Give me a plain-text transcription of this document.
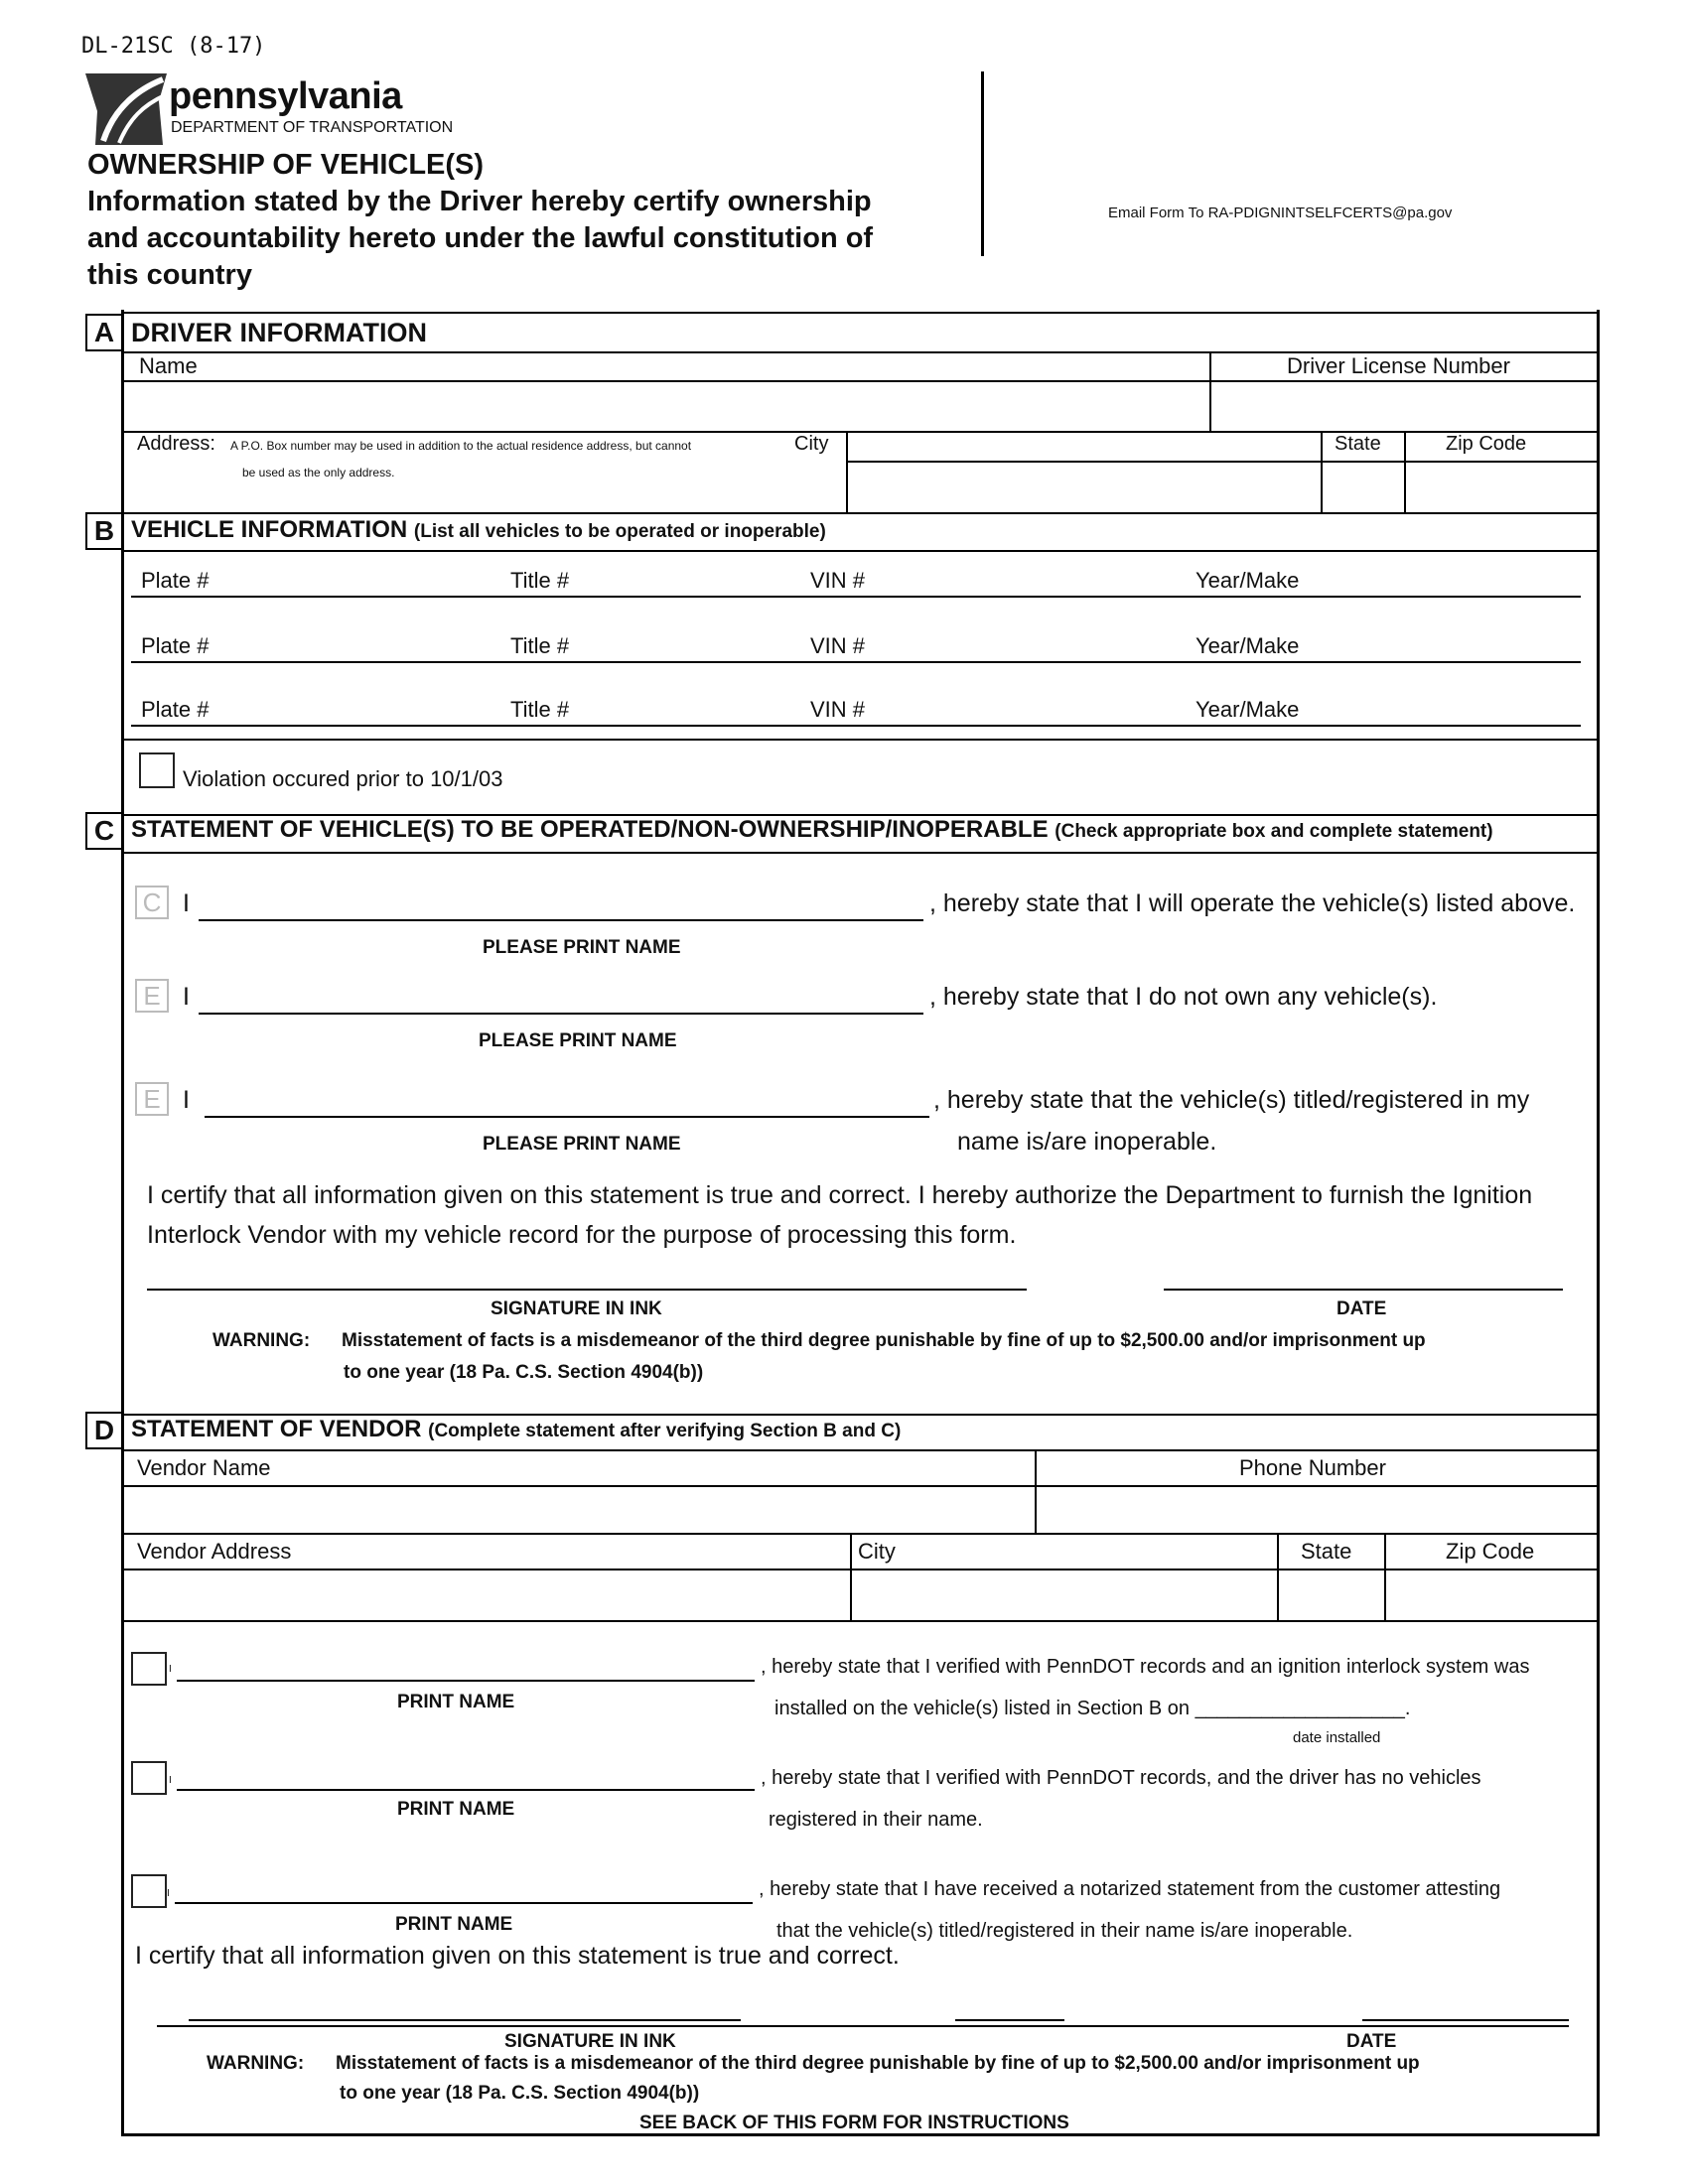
DL-21SC (8-17)
pennsylvania
DEPARTMENT OF TRANSPORTATION
OWNERSHIP OF VEHICLE(S)
Information stated by the Driver hereby certify ownership
and accountability hereto under the lawful constitution of
this country
Email Form To RA-PDIGNINTSELFCERTS@pa.gov
A DRIVER INFORMATION
Name	Driver License Number
Address: A P.O. Box number may be used in addition to the actual residence address, but cannot
be used as the only address.
City	State	Zip Code
B VEHICLE INFORMATION (List all vehicles to be operated or inoperable)
Plate #	Title #	VIN #	Year/Make
Plate #	Title #	VIN #	Year/Make
Plate #	Title #	VIN #	Year/Make
Violation occured prior to 10/1/03
C STATEMENT OF VEHICLE(S) TO BE OPERATED/NON-OWNERSHIP/INOPERABLE (Check appropriate box and complete statement)
C I	, hereby state that I will operate the vehicle(s) listed above.
PLEASE PRINT NAME
E I	, hereby state that I do not own any vehicle(s).
PLEASE PRINT NAME
E I	, hereby state that the vehicle(s) titled/registered in my
name is/are inoperable.
PLEASE PRINT NAME
I certify that all information given on this statement is true and correct. I hereby authorize the Department to furnish the Ignition
Interlock Vendor with my vehicle record for the purpose of processing this form.
SIGNATURE IN INK	DATE
WARNING: Misstatement of facts is a misdemeanor of the third degree punishable by fine of up to $2,500.00 and/or imprisonment up
to one year (18 Pa. C.S. Section 4904(b))
D STATEMENT OF VENDOR (Complete statement after verifying Section B and C)
Vendor Name	Phone Number
Vendor Address	City	State	Zip Code
I	, hereby state that I verified with PennDOT records and an ignition interlock system was
installed on the vehicle(s) listed in Section B on ___________________.
date installed
PRINT NAME
I	, hereby state that I verified with PennDOT records, and the driver has no vehicles
registered in their name.
PRINT NAME
I	, hereby state that I have received a notarized statement from the customer attesting
that the vehicle(s) titled/registered in their name is/are inoperable.
PRINT NAME
I certify that all information given on this statement is true and correct.
SIGNATURE IN INK	DATE
WARNING: Misstatement of facts is a misdemeanor of the third degree punishable by fine of up to $2,500.00 and/or imprisonment up
to one year (18 Pa. C.S. Section 4904(b))
SEE BACK OF THIS FORM FOR INSTRUCTIONS
